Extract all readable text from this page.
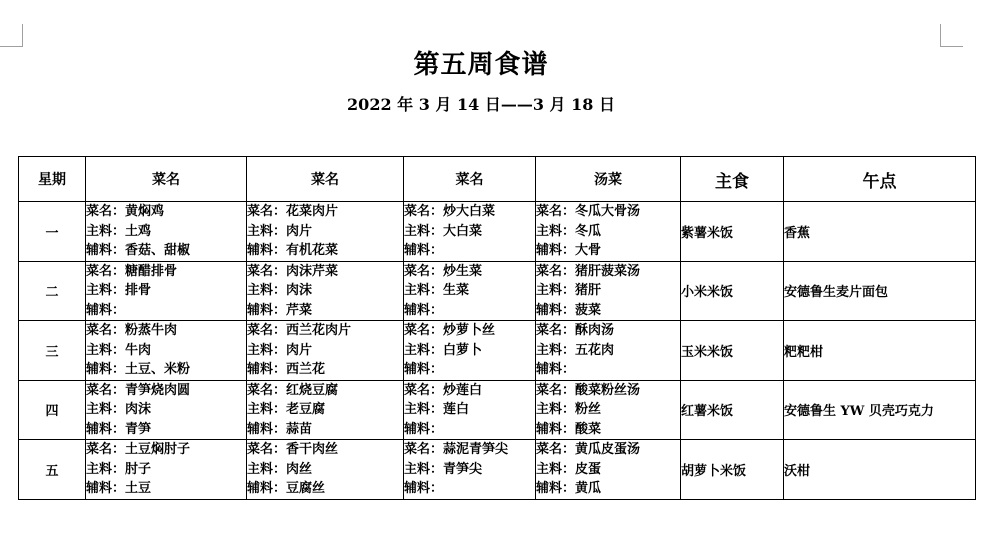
第五周食谱
2022 年 3 月 14 日——3 月 18 日
星期	菜名	菜名	菜名	汤菜	主食	午点
一	菜名：黄焖鸡
主料：土鸡
辅料：香菇、甜椒	菜名：花菜肉片
主料：肉片
辅料：有机花菜	菜名：炒大白菜
主料：大白菜
辅料：	菜名：冬瓜大骨汤
主料：冬瓜
辅料：大骨	紫薯米饭	香蕉
二	菜名：糖醋排骨
主料：排骨
辅料：	菜名：肉沫芹菜
主料：肉沫
辅料：芹菜	菜名：炒生菜
主料：生菜
辅料：	菜名：猪肝菠菜汤
主料：猪肝
辅料：菠菜	小米米饭	安德鲁生麦片面包
三	菜名：粉蒸牛肉
主料：牛肉
辅料：土豆、米粉	菜名：西兰花肉片
主料：肉片
辅料：西兰花	菜名：炒萝卜丝
主料：白萝卜
辅料：	菜名：酥肉汤
主料：五花肉
辅料：	玉米米饭	粑粑柑
四	菜名：青笋烧肉圆
主料：肉沫
辅料：青笋	菜名：红烧豆腐
主料：老豆腐
辅料：蒜苗	菜名：炒莲白
主料：莲白
辅料：	菜名：酸菜粉丝汤
主料：粉丝
辅料：酸菜	红薯米饭	安德鲁生 YW 贝壳巧克力
五	菜名：土豆焖肘子
主料：肘子
辅料：土豆	菜名：香干肉丝
主料：肉丝
辅料：豆腐丝	菜名：蒜泥青笋尖
主料：青笋尖
辅料：	菜名：黄瓜皮蛋汤
主料：皮蛋
辅料：黄瓜	胡萝卜米饭	沃柑
